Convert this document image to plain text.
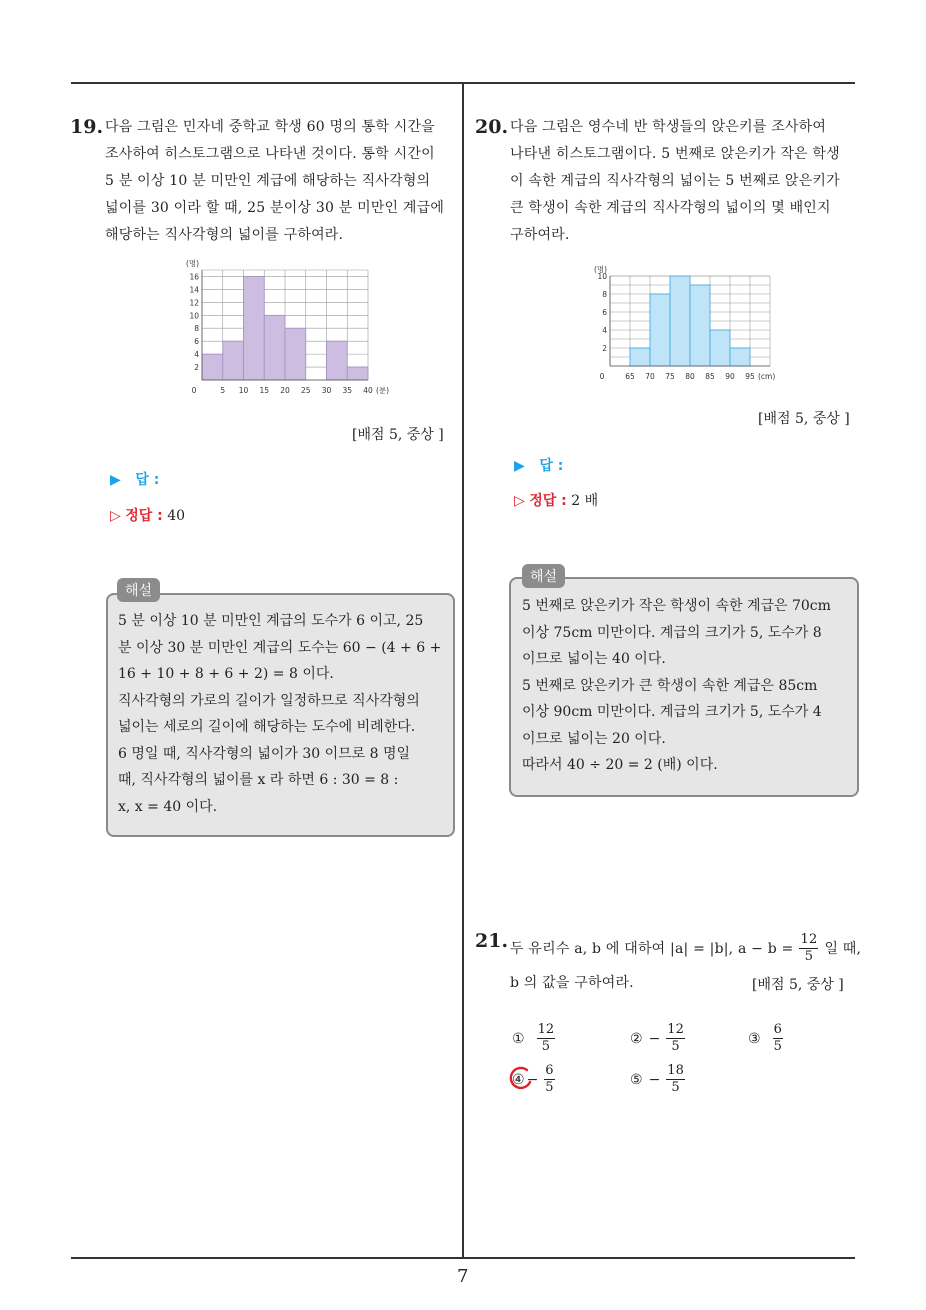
7
19. 다음 그림은 민자네 중학교 학생 60 명의 통학 시간을
조사하여 히스토그램으로 나타낸 것이다. 통학 시간이
5 분 이상 10 분 미만인 계급에 해당하는 직사각형의
넓이를 30 이라 할 때, 25 분이상 30 분 미만인 계급에
해당하는 직사각형의 넓이를 구하여라.
2
4
6
8
10
12
14
16
0	5 10 15 20 25 30 35 40
(명)
(분)
[배점 5, 중상 ]
▶ 답 :
▷ 정답 : 40
해설
5 분 이상 10 분 미만인 계급의 도수가 6 이고, 25
분 이상 30 분 미만인 계급의 도수는 60 − (4 + 6 +
16 + 10 + 8 + 6 + 2) = 8 이다.
직사각형의 가로의 길이가 일정하므로 직사각형의
넓이는 세로의 길이에 해당하는 도수에 비례한다.
6 명일 때, 직사각형의 넓이가 30 이므로 8 명일
때, 직사각형의 넓이를 x 라 하면 6 : 30 = 8 :
x, x = 40 이다.
20. 다음 그림은 영수네 반 학생들의 앉은키를 조사하여
나타낸 히스토그램이다. 5 번째로 앉은키가 작은 학생
이 속한 계급의 직사각형의 넓이는 5 번째로 앉은키가
큰 학생이 속한 계급의 직사각형의 넓이의 몇 배인지
구하여라.
2
4
6
8
10
0	65 70 75 80 85 90 95
(명)
(cm)
[배점 5, 중상 ]
▶ 답 :
▷ 정답 : 2 배
해설
5 번째로 앉은키가 작은 학생이 속한 계급은 70cm
이상 75cm 미만이다. 계급의 크기가 5, 도수가 8
이므로 넓이는 40 이다.
5 번째로 앉은키가 큰 학생이 속한 계급은 85cm
이상 90cm 미만이다. 계급의 크기가 5, 도수가 4
이므로 넓이는 20 이다.
따라서 40 ÷ 20 = 2 (배) 이다.
21. 두 유리수 a, b 에 대하여 |a| = |b|, $a - b = \frac{12}{5}$ 일 때,
b 의 값을 구하여라.	[배점 5, 중상 ]
① $\frac{12}{5}$	② − $\frac{12}{5}$	③ $\frac{6}{5}$
④ − $\frac{6}{5}$	⑤ − $\frac{18}{5}$
